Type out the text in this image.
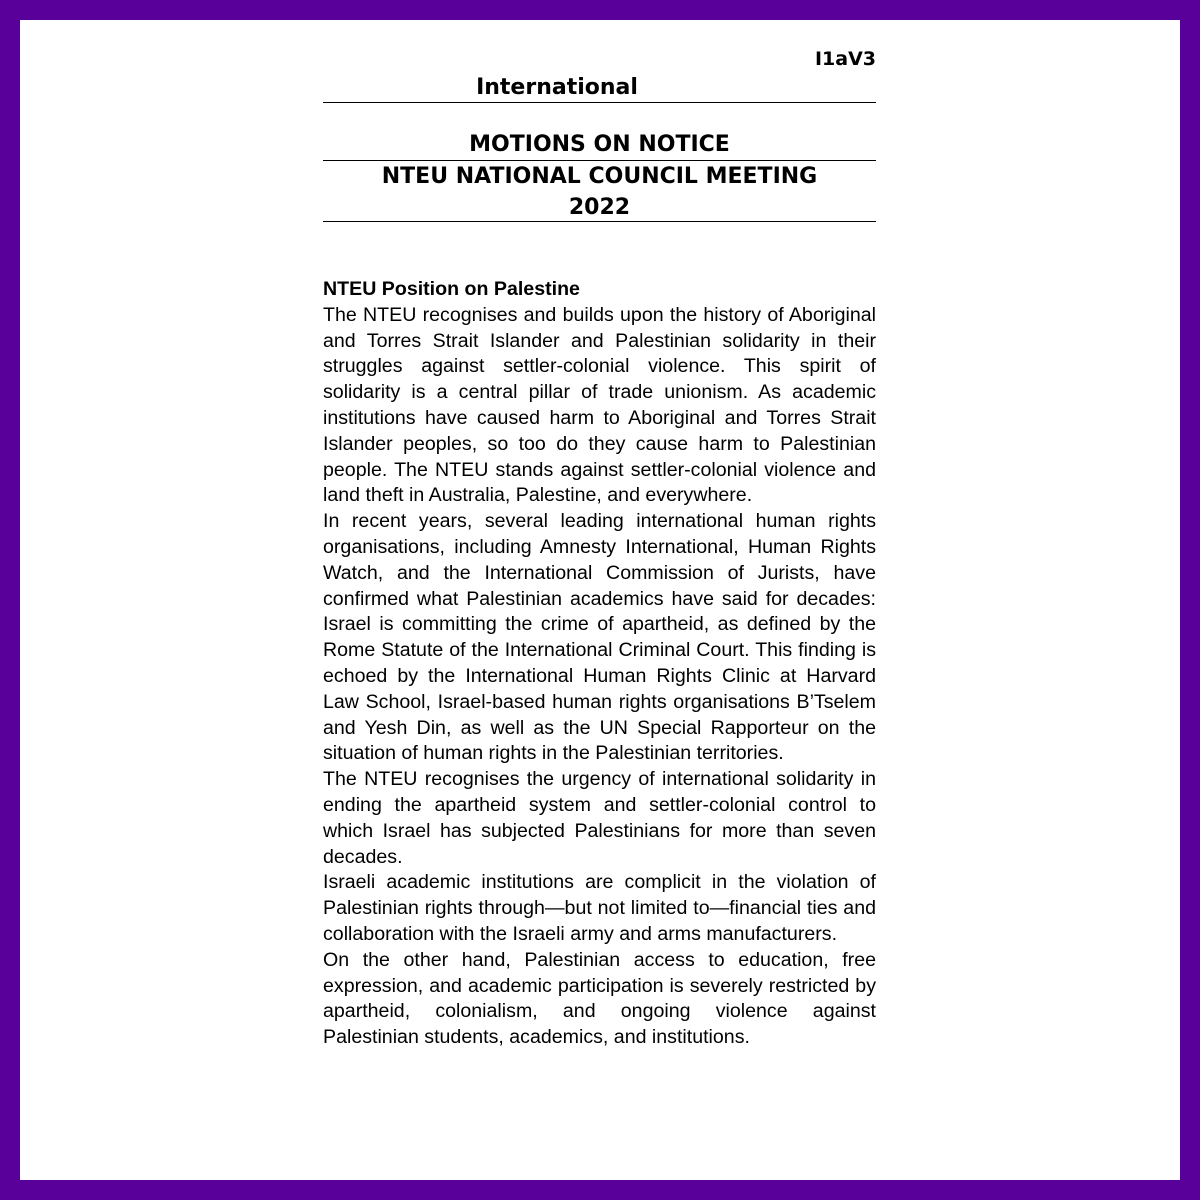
I1aV3

International

MOTIONS ON NOTICE

NTEU NATIONAL COUNCIL MEETING

2022

NTEU Position on Palestine

The NTEU recognises and builds upon the history of Aboriginal and Torres Strait Islander and Palestinian solidarity in their struggles against settler-colonial violence. This spirit of solidarity is a central pillar of trade unionism. As academic institutions have caused harm to Aboriginal and Torres Strait Islander peoples, so too do they cause harm to Palestinian people. The NTEU stands against settler-colonial violence and land theft in Australia, Palestine, and everywhere.

In recent years, several leading international human rights organisations, including Amnesty International, Human Rights Watch, and the International Commission of Jurists, have confirmed what Palestinian academics have said for decades: Israel is committing the crime of apartheid, as defined by the Rome Statute of the International Criminal Court. This finding is echoed by the International Human Rights Clinic at Harvard Law School, Israel-based human rights organisations B’Tselem and Yesh Din, as well as the UN Special Rapporteur on the situation of human rights in the Palestinian territories.

The NTEU recognises the urgency of international solidarity in ending the apartheid system and settler-colonial control to which Israel has subjected Palestinians for more than seven decades.

Israeli academic institutions are complicit in the violation of Palestinian rights through—but not limited to—financial ties and collaboration with the Israeli army and arms manufacturers.

On the other hand, Palestinian access to education, free expression, and academic participation is severely restricted by apartheid, colonialism, and ongoing violence against Palestinian students, academics, and institutions.
